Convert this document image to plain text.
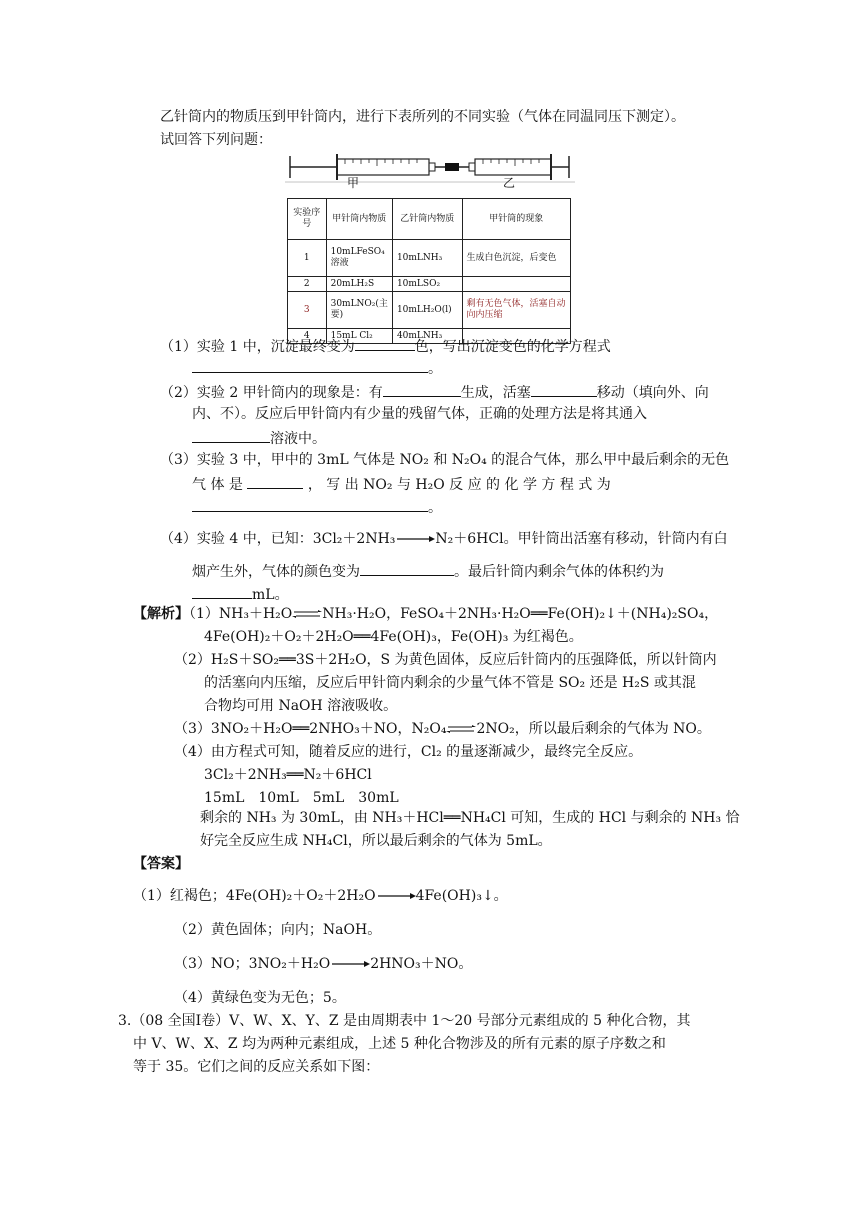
乙针筒内的物质压到甲针筒内，进行下表所列的不同实验（气体在同温同压下测定）。
试回答下列问题：
甲	乙
实验序号	甲针筒内物质	乙针筒内物质	甲针筒的现象
1	10mLFeSO₄溶液	10mLNH₃	生成白色沉淀，后变色
2	20mLH₂S	10mLSO₂	
3	30mLNO₂(主要)	10mLH₂O(l)	剩有无色气体，活塞自动向内压缩
4	15mL Cl₂	40mLNH₃	
（1）实验 1 中，沉淀最终变为	色，写出沉淀变色的化学方程式
。
（2）实验 2 甲针筒内的现象是：有	生成，活塞	移动（填向外、向
内、不）。反应后甲针筒内有少量的残留气体，正确的处理方法是将其通入
溶液中。
（3）实验 3 中，甲中的 3mL 气体是 NO₂ 和 N₂O₄ 的混合气体，那么甲中最后剩余的无色
气 体 是	， 写 出 NO₂ 与 H₂O 反 应 的 化 学 方 程 式 为
。
（4）实验 4 中，已知：3Cl₂＋2NH₃→N₂＋6HCl。甲针筒出活塞有移动，针筒内有白
烟产生外，气体的颜色变为	。最后针筒内剩余气体的体积约为
mL。
【解析】（1）NH₃＋H₂O⇌NH₃·H₂O，FeSO₄＋2NH₃·H₂O══Fe(OH)₂↓＋(NH₄)₂SO₄，
4Fe(OH)₂＋O₂＋2H₂O══4Fe(OH)₃，Fe(OH)₃ 为红褐色。
（2）H₂S＋SO₂══3S＋2H₂O，S 为黄色固体，反应后针筒内的压强降低，所以针筒内
的活塞向内压缩，反应后甲针筒内剩余的少量气体不管是 SO₂ 还是 H₂S 或其混
合物均可用 NaOH 溶液吸收。
（3）3NO₂＋H₂O══2NHO₃＋NO，N₂O₄⇌2NO₂，所以最后剩余的气体为 NO。
（4）由方程式可知，随着反应的进行，Cl₂ 的量逐渐减少，最终完全反应。
3Cl₂＋2NH₃══N₂＋6HCl
15mL　10mL　5mL　30mL
剩余的 NH₃ 为 30mL，由 NH₃＋HCl══NH₄Cl 可知，生成的 HCl 与剩余的 NH₃ 恰
好完全反应生成 NH₄Cl，所以最后剩余的气体为 5mL。
【答案】
（1）红褐色；4Fe(OH)₂＋O₂＋2H₂O→4Fe(OH)₃↓。
（2）黄色固体；向内；NaOH。
（3）NO；3NO₂＋H₂O→2HNO₃＋NO。
（4）黄绿色变为无色；5。
3.（08 全国Ⅰ卷）V、W、X、Y、Z 是由周期表中 1～20 号部分元素组成的 5 种化合物，其
中 V、W、X、Z 均为两种元素组成，上述 5 种化合物涉及的所有元素的原子序数之和
等于 35。它们之间的反应关系如下图：
